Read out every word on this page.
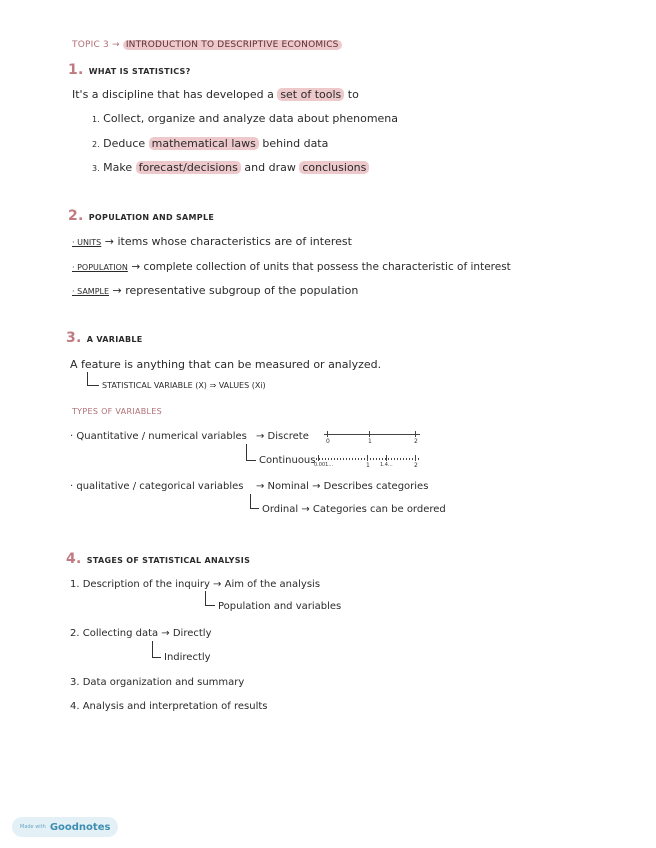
TOPIC 3 → INTRODUCTION TO DESCRIPTIVE ECONOMICS
1. WHAT IS STATISTICS?
It's a discipline that has developed a set of tools to
1. Collect, organize and analyze data about phenomena
2. Deduce mathematical laws behind data
3. Make forecast/decisions and draw conclusions
2. POPULATION AND SAMPLE
· UNITS → items whose characteristics are of interest
· POPULATION → complete collection of units that possess the characteristic of interest
· SAMPLE → representative subgroup of the population
3. A VARIABLE
A feature is anything that can be measured or analyzed.
STATISTICAL VARIABLE (X) ⇒ VALUES (Xi)
TYPES OF VARIABLES
· Quantitative / numerical variables → Discrete	0	1	2
Continuous
0.001...	1 1.4...	2
· qualitative / categorical variables → Nominal → Describes categories
Ordinal → Categories can be ordered
4. STAGES OF STATISTICAL ANALYSIS
1. Description of the inquiry → Aim of the analysis
Population and variables
2. Collecting data → Directly
Indirectly
3. Data organization and summary
4. Analysis and interpretation of results
Made with Goodnotes
